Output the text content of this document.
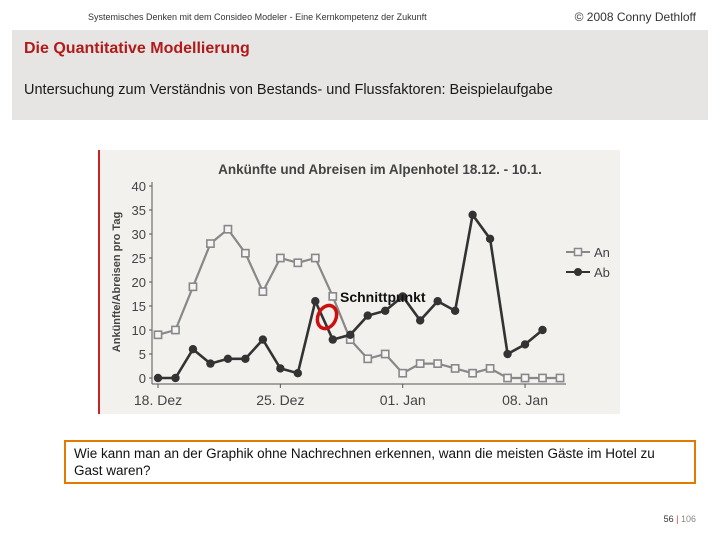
Systemisches Denken mit dem Consideo Modeler - Eine Kernkompetenz der Zukunft	© 2008 Conny Dethloff
Die Quantitative Modellierung
Untersuchung zum Verständnis von Bestands- und Flussfaktoren: Beispielaufgabe
Ankünfte und Abreisen im Alpenhotel 18.12. - 10.1.
Ankünfte/Abreisen pro Tag
0
5
10
15
20
25
30
35
40
18. Dez	25. Dez	01. Jan	08. Jan
An
Ab
Schnittpunkt
Wie kann man an der Graphik ohne Nachrechnen erkennen, wann die meisten Gäste im Hotel zu Gast waren?
56 | 106
